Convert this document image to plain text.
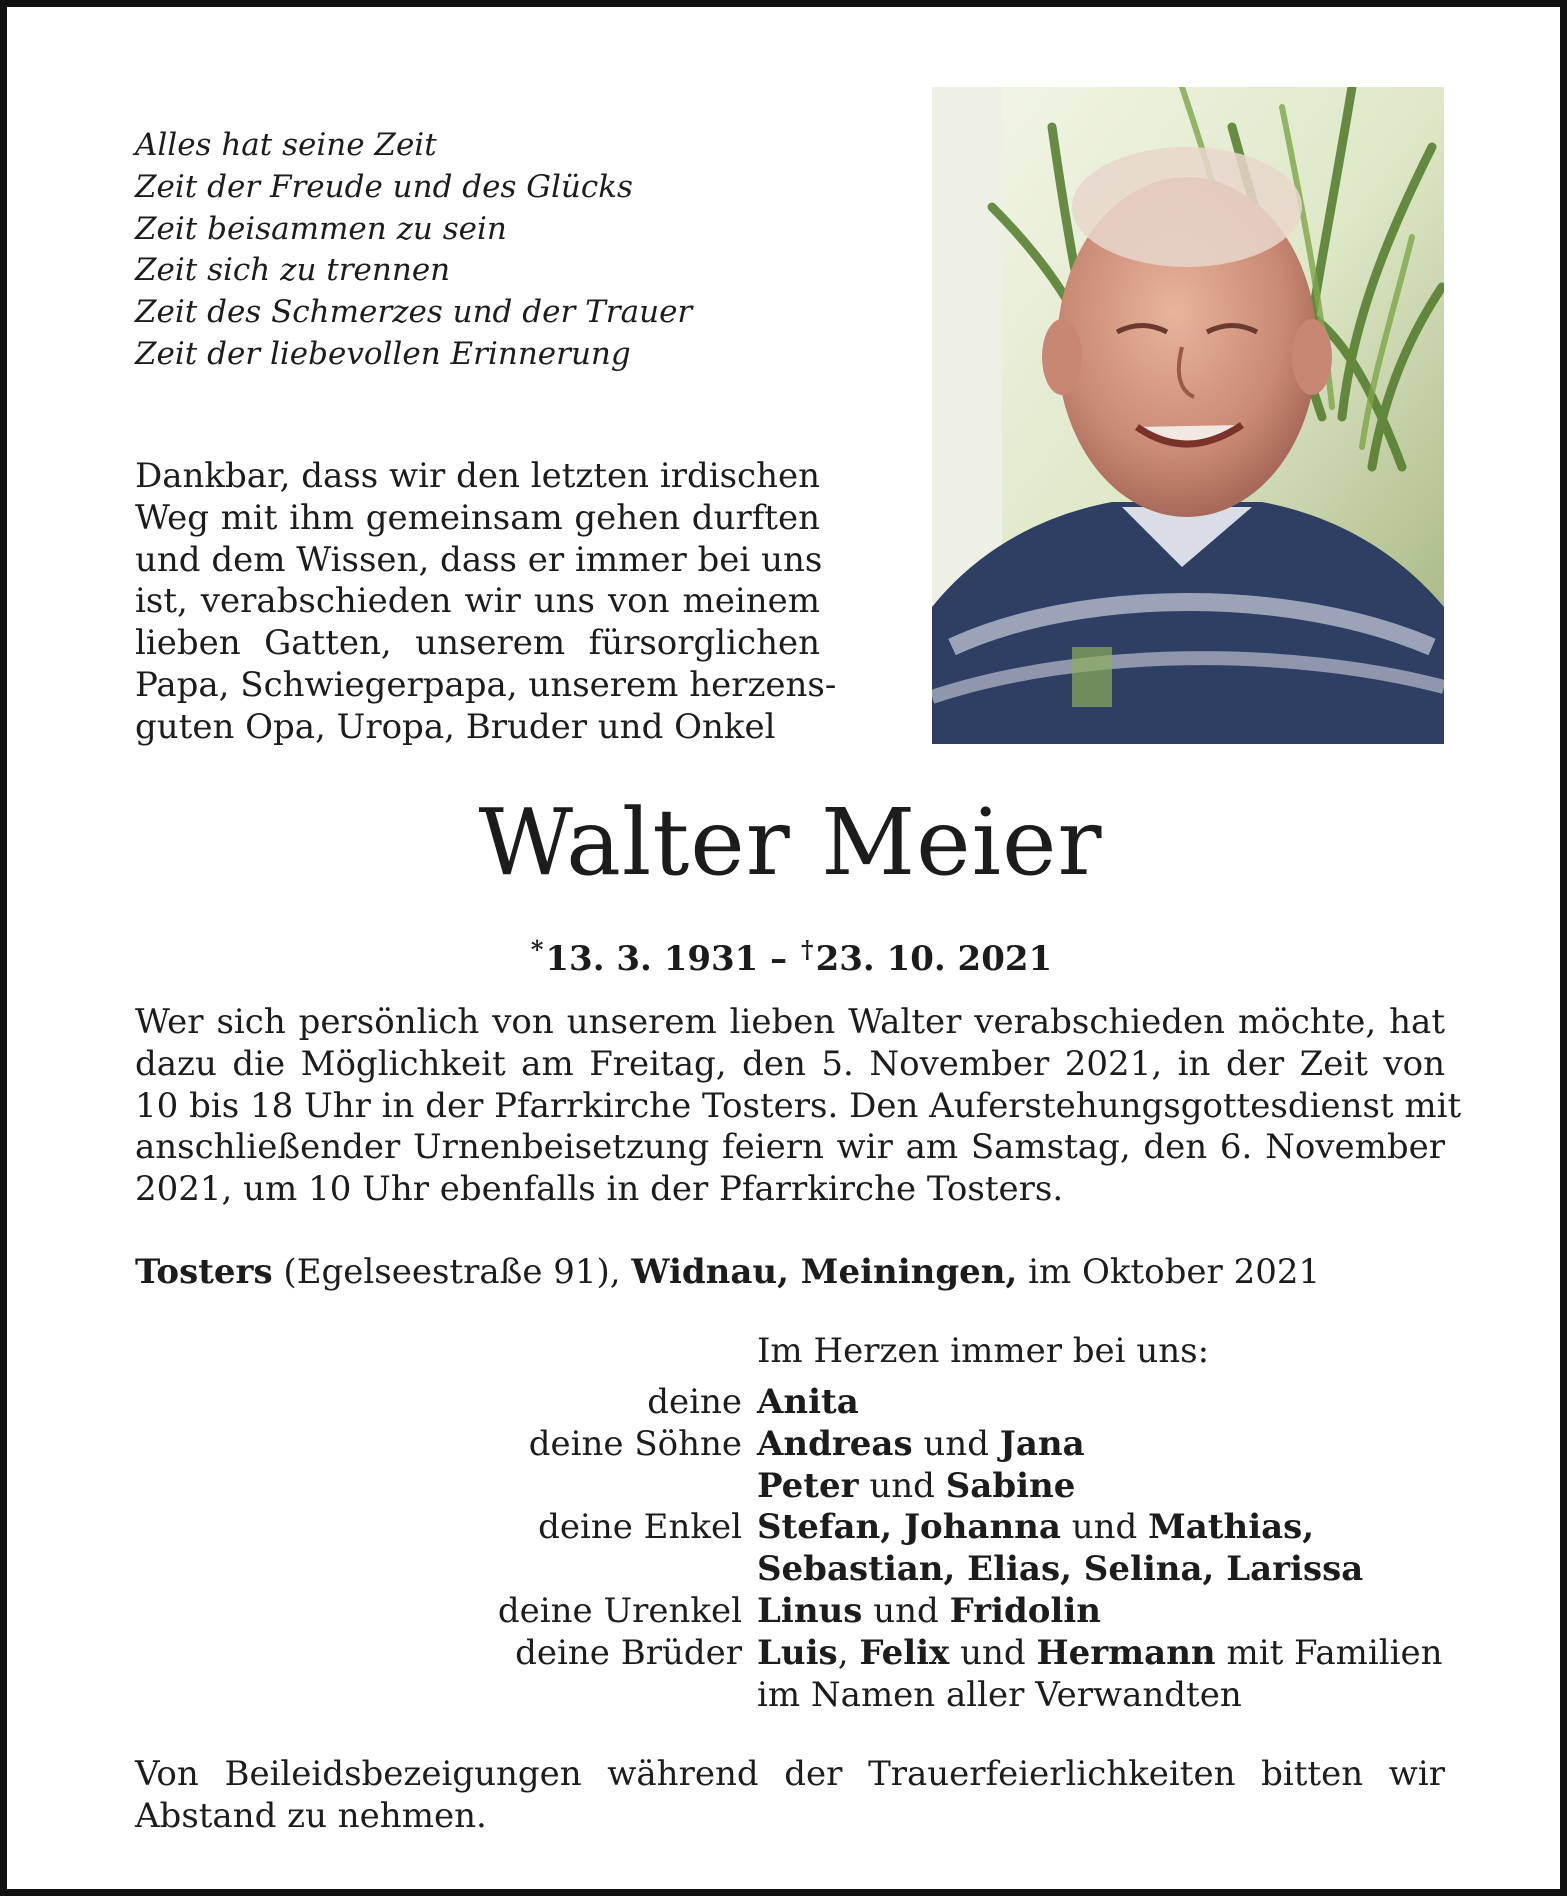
Alles hat seine Zeit
Zeit der Freude und des Glücks
Zeit beisammen zu sein
Zeit sich zu trennen
Zeit des Schmerzes und der Trauer
Zeit der liebevollen Erinnerung
Dankbar, dass wir den letzten irdischen
Weg mit ihm gemeinsam gehen durften
und dem Wissen, dass er immer bei uns
ist, verabschieden wir uns von meinem
lieben Gatten, unserem fürsorglichen
Papa, Schwiegerpapa, unserem herzens-
guten Opa, Uropa, Bruder und Onkel
Walter Meier
*13. 3. 1931 – †23. 10. 2021
Wer sich persönlich von unserem lieben Walter verabschieden möchte, hat
dazu die Möglichkeit am Freitag, den 5. November 2021, in der Zeit von
10 bis 18 Uhr in der Pfarrkirche Tosters. Den Auferstehungsgottesdienst mit
anschließender Urnenbeisetzung feiern wir am Samstag, den 6. November
2021, um 10 Uhr ebenfalls in der Pfarrkirche Tosters.
Tosters (Egelseestraße 91), Widnau, Meiningen, im Oktober 2021
Im Herzen immer bei uns:
deine Anita
deine Söhne Andreas und Jana
Peter und Sabine
deine Enkel Stefan, Johanna und Mathias,
Sebastian, Elias, Selina, Larissa
deine Urenkel Linus und Fridolin
deine Brüder Luis, Felix und Hermann mit Familien
im Namen aller Verwandten
Von Beileidsbezeigungen während der Trauerfeierlichkeiten bitten wir
Abstand zu nehmen.
